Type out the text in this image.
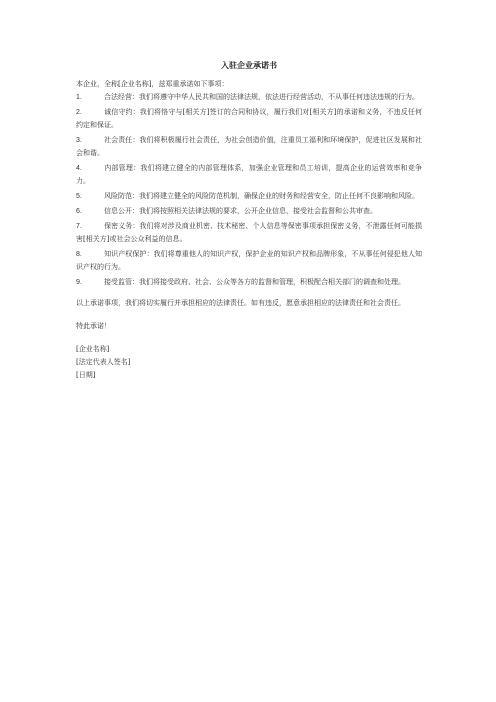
入驻企业承诺书

本企业，全称[企业名称]，兹郑重承诺如下事项：

1.	合法经营：我们将遵守中华人民共和国的法律法规，依法进行经营活动，不从事任何违法违规的行为。

2.	诚信守约：我们将恪守与[相关方]签订的合同和协议，履行我们对[相关方]的承诺和义务，不违反任何约定和保证。

3.	社会责任：我们将积极履行社会责任，为社会创造价值，注重员工福利和环境保护，促进社区发展和社会和谐。

4.	内部管理：我们将建立健全的内部管理体系，加强企业管理和员工培训，提高企业的运营效率和竞争力。

5.	风险防范：我们将建立健全的风险防范机制，确保企业的财务和经营安全，防止任何不良影响和风险。

6.	信息公开：我们将按照相关法律法规的要求，公开企业信息，接受社会监督和公共审查。

7.	保密义务：我们将对涉及商业机密、技术秘密、个人信息等保密事项承担保密义务，不泄露任何可能损害[相关方]或社会公众利益的信息。

8.	知识产权保护：我们将尊重他人的知识产权，保护企业的知识产权和品牌形象，不从事任何侵犯他人知识产权的行为。

9.	接受监管：我们将接受政府、社会、公众等各方的监督和管理，积极配合相关部门的调查和处理。

以上承诺事项，我们将切实履行并承担相应的法律责任。如有违反，愿意承担相应的法律责任和社会责任。

特此承诺！

[企业名称]

[法定代表人签名]

[日期]
